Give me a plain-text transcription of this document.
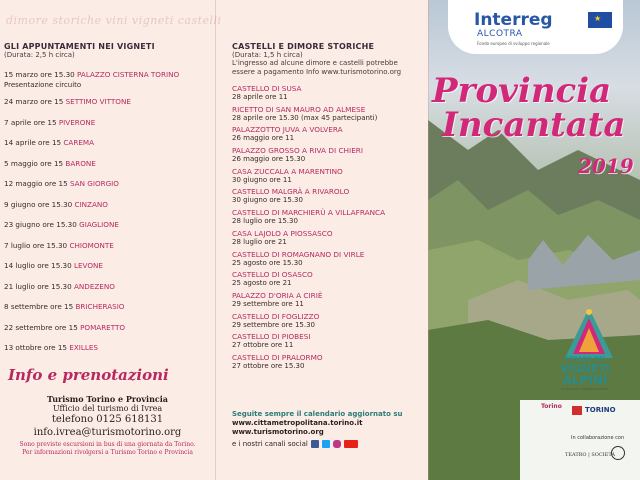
dimore storiche vini vigneti castelli
GLI APPUNTAMENTI NEI VIGNETI
(Durata: 2,5 h circa)
15 marzo ore 15.30 PALAZZO CISTERNA TORINO
Presentazione circuito
24 marzo ore 15 SETTIMO VITTONE
7 aprile ore 15 PIVERONE
14 aprile ore 15 CAREMA
5 maggio ore 15 BARONE
12 maggio ore 15 SAN GIORGIO
9 giugno ore 15.30 CINZANO
23 giugno ore 15.30 GIAGLIONE
7 luglio ore 15.30 CHIOMONTE
14 luglio ore 15.30 LEVONE
21 luglio ore 15.30 ANDEZENO
8 settembre ore 15 BRICHERASIO
22 settembre ore 15 POMARETTO
13 ottobre ore 15 EXILLES
Info e prenotazioni
Turismo Torino e Provincia
Ufficio del turismo di Ivrea
telefono 0125 618131
info.ivrea@turismotorino.org
Sono previste escursioni in bus di una giornata da Torino.
Per informazioni rivolgersi a Turismo Torino e Provincia
CASTELLI E DIMORE STORICHE
(Durata: 1,5 h circa)
L'ingresso ad alcune dimore e castelli potrebbe essere a pagamento Info www.turismotorino.org
CASTELLO DI SUSA
28 aprile ore 11
RICETTO DI SAN MAURO AD ALMESE
28 aprile ore 15.30 (max 45 partecipanti)
PALAZZOTTO JUVA A VOLVERA
26 maggio ore 11
PALAZZO GROSSO A RIVA DI CHIERI
26 maggio ore 15.30
CASA ZUCCALA A MARENTINO
30 giugno ore 11
CASTELLO MALGRÀ A RIVAROLO
30 giugno ore 15.30
CASTELLO DI MARCHIERÙ A VILLAFRANCA
28 luglio ore 15.30
CASA LAJOLO A PIOSSASCO
28 luglio ore 21
CASTELLO DI ROMAGNANO DI VIRLE
25 agosto ore 15.30
CASTELLO DI OSASCO
25 agosto ore 21
PALAZZO D'ORIA A CIRIÈ
29 settembre ore 11
CASTELLO DI FOGLIZZO
29 settembre ore 15.30
CASTELLO DI PIOBESI
27 ottobre ore 11
CASTELLO DI PRALORMO
27 ottobre ore 15.30
Seguite sempre il calendario aggiornato su
www.cittametropolitana.torino.it
www.turismotorino.org
e i nostri canali social
Interreg
ALCOTRA
Fondo europeo di sviluppo regionale
★
Provincia
Incantata
2019
STRADA DEI
VIGNETI
ALPINI
ROUTE DES VIGNOBLES ALPINS
Torino	TORINO
In collaborazione con
TEATRO | SOCIETÀ
